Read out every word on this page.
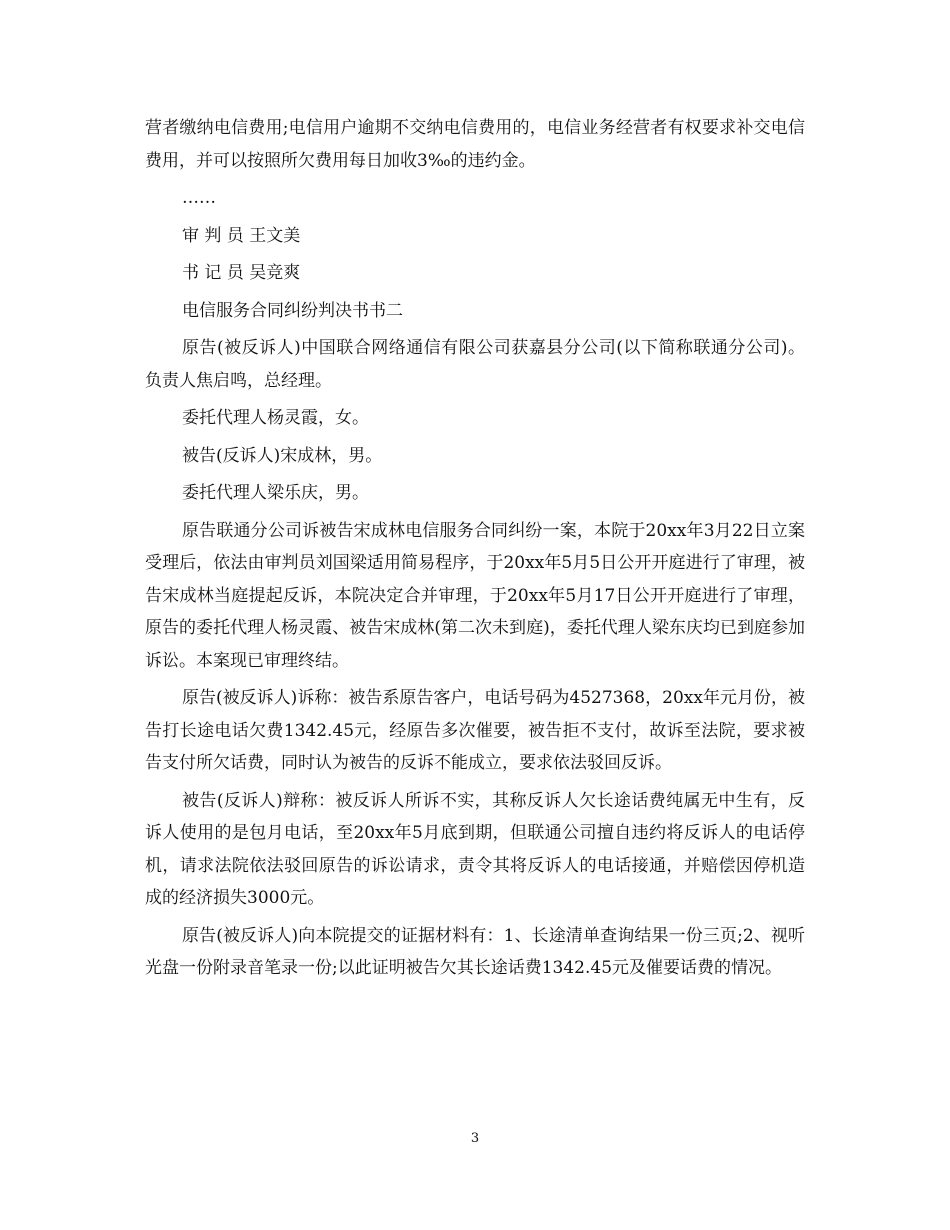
营者缴纳电信费用;电信用户逾期不交纳电信费用的，电信业务经营者有权要求补交电信费用，并可以按照所欠费用每日加收3‰的违约金。

……

审 判 员 王文美

书 记 员 吴竞爽

电信服务合同纠纷判决书书二

原告(被反诉人)中国联合网络通信有限公司获嘉县分公司(以下简称联通分公司)。 负责人焦启鸣，总经理。

委托代理人杨灵霞，女。

被告(反诉人)宋成林，男。

委托代理人梁乐庆，男。

原告联通分公司诉被告宋成林电信服务合同纠纷一案，本院于20xx年3月22日立案受理后，依法由审判员刘国梁适用简易程序，于20xx年5月5日公开开庭进行了审理，被告宋成林当庭提起反诉，本院决定合并审理，于20xx年5月17日公开开庭进行了审理，原告的委托代理人杨灵霞、被告宋成林(第二次未到庭)，委托代理人梁东庆均已到庭参加诉讼。本案现已审理终结。

原告(被反诉人)诉称：被告系原告客户，电话号码为4527368，20xx年元月份，被告打长途电话欠费1342.45元，经原告多次催要，被告拒不支付，故诉至法院，要求被告支付所欠话费，同时认为被告的反诉不能成立，要求依法驳回反诉。

被告(反诉人)辩称：被反诉人所诉不实，其称反诉人欠长途话费纯属无中生有，反诉人使用的是包月电话，至20xx年5月底到期，但联通公司擅自违约将反诉人的电话停机，请求法院依法驳回原告的诉讼请求，责令其将反诉人的电话接通，并赔偿因停机造成的经济损失3000元。

原告(被反诉人)向本院提交的证据材料有：1、长途清单查询结果一份三页;2、视听光盘一份附录音笔录一份;以此证明被告欠其长途话费1342.45元及催要话费的情况。

3
